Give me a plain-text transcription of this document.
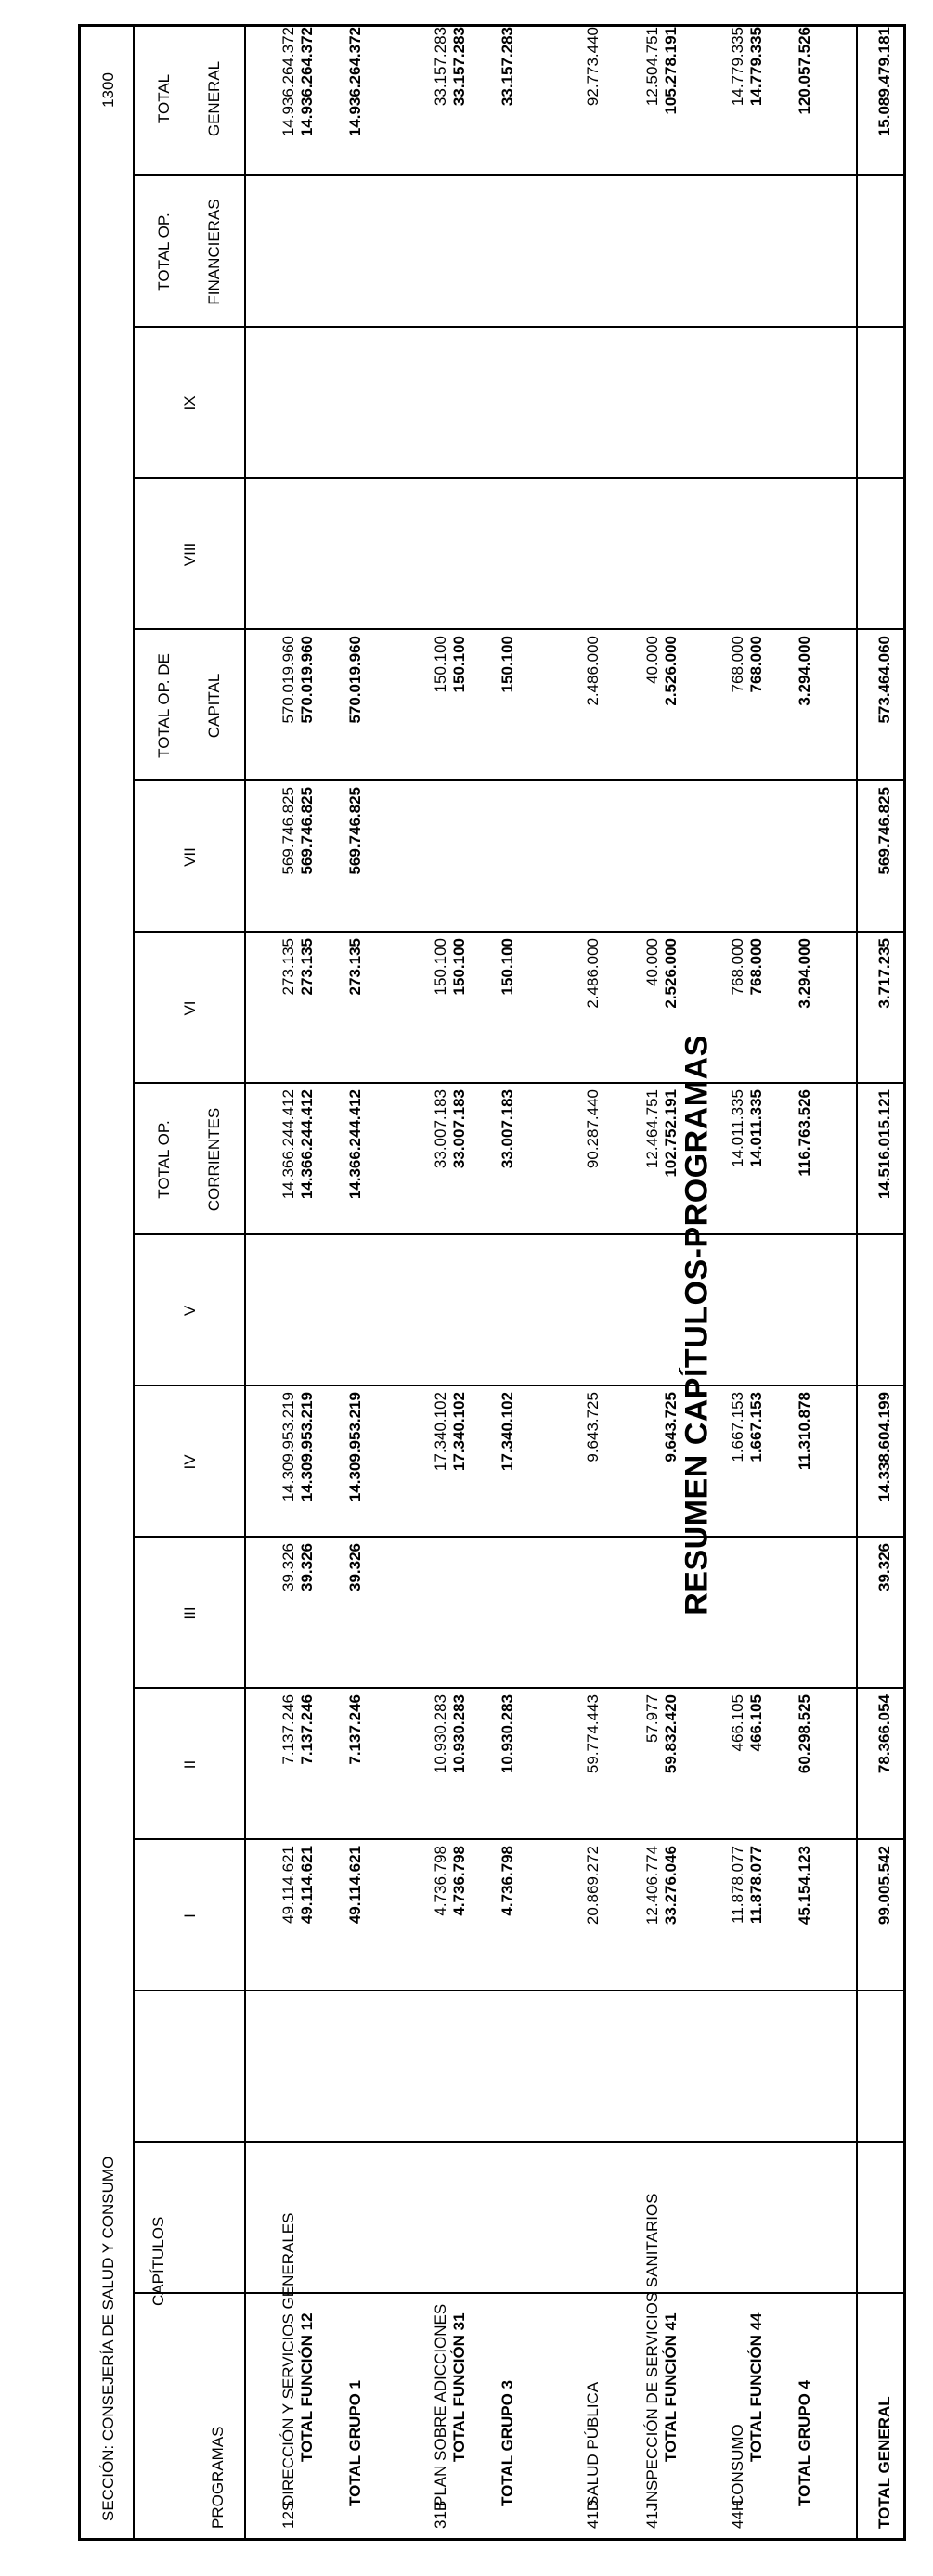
RESUMEN CAPÍTULOS-PROGRAMAS
SECCIÓN: CONSEJERÍA DE SALUD Y CONSUMO
1300
CAPÍTULOS
PROGRAMAS
I
II
III
IV
V
TOTAL OP. CORRIENTES
VI
VII
TOTAL OP. DE CAPITAL
VIII
IX
TOTAL OP. FINANCIERAS
TOTAL GENERAL
12S
DIRECCIÓN Y SERVICIOS GENERALES
49.114.621
7.137.246
39.326
14.309.953.219
14.366.244.412
273.135
569.746.825
570.019.960
14.936.264.372
TOTAL FUNCIÓN 12
49.114.621
7.137.246
39.326
14.309.953.219
14.366.244.412
273.135
569.746.825
570.019.960
14.936.264.372
TOTAL GRUPO 1
49.114.621
7.137.246
39.326
14.309.953.219
14.366.244.412
273.135
569.746.825
570.019.960
14.936.264.372
31B
PLAN SOBRE ADICCIONES
4.736.798
10.930.283
17.340.102
33.007.183
150.100
150.100
33.157.283
TOTAL FUNCIÓN 31
4.736.798
10.930.283
17.340.102
33.007.183
150.100
150.100
33.157.283
TOTAL GRUPO 3
4.736.798
10.930.283
17.340.102
33.007.183
150.100
150.100
33.157.283
41D
SALUD PÚBLICA
20.869.272
59.774.443
9.643.725
90.287.440
2.486.000
2.486.000
92.773.440
41J
INSPECCIÓN DE SERVICIOS SANITARIOS
12.406.774
57.977
12.464.751
40.000
40.000
12.504.751
TOTAL FUNCIÓN 41
33.276.046
59.832.420
9.643.725
102.752.191
2.526.000
2.526.000
105.278.191
44H
CONSUMO
11.878.077
466.105
1.667.153
14.011.335
768.000
768.000
14.779.335
TOTAL FUNCIÓN 44
11.878.077
466.105
1.667.153
14.011.335
768.000
768.000
14.779.335
TOTAL GRUPO 4
45.154.123
60.298.525
11.310.878
116.763.526
3.294.000
3.294.000
120.057.526
TOTAL GENERAL
99.005.542
78.366.054
39.326
14.338.604.199
14.516.015.121
3.717.235
569.746.825
573.464.060
15.089.479.181
